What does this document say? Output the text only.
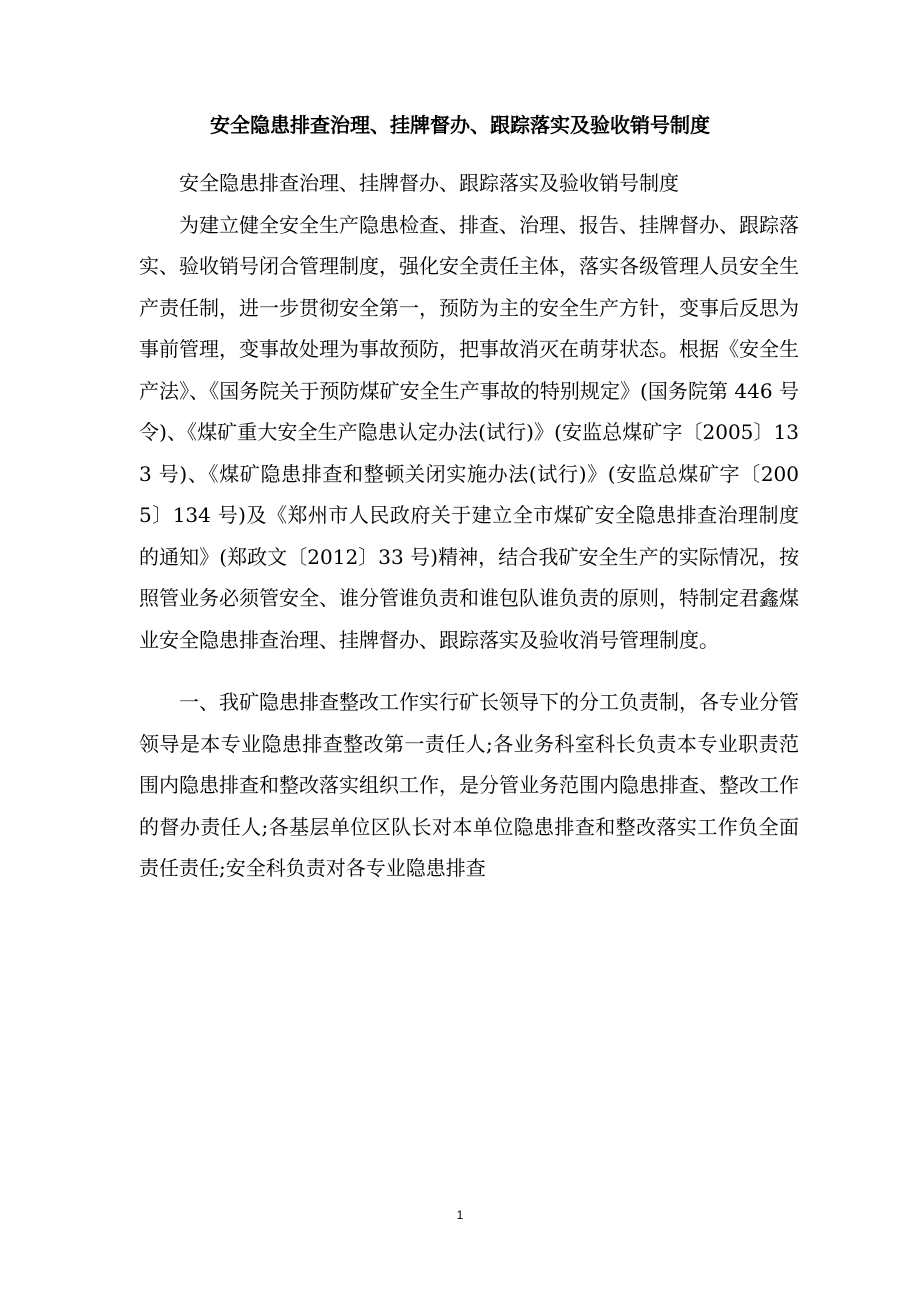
安全隐患排查治理、挂牌督办、跟踪落实及验收销号制度

安全隐患排查治理、挂牌督办、跟踪落实及验收销号制度

为建立健全安全生产隐患检查、排查、治理、报告、挂牌督办、跟踪落实、验收销号闭合管理制度，强化安全责任主体，落实各级管理人员安全生产责任制，进一步贯彻安全第一，预防为主的安全生产方针，变事后反思为事前管理，变事故处理为事故预防，把事故消灭在萌芽状态。根据《安全生产法》、《国务院关于预防煤矿安全生产事故的特别规定》(国务院第 446 号令)、《煤矿重大安全生产隐患认定办法(试行)》(安监总煤矿字〔2005〕133 号)、《煤矿隐患排查和整顿关闭实施办法(试行)》(安监总煤矿字〔2005〕134 号)及《郑州市人民政府关于建立全市煤矿安全隐患排查治理制度的通知》(郑政文〔2012〕33 号)精神，结合我矿安全生产的实际情况，按照管业务必须管安全、谁分管谁负责和谁包队谁负责的原则，特制定君鑫煤业安全隐患排查治理、挂牌督办、跟踪落实及验收消号管理制度。

一、我矿隐患排查整改工作实行矿长领导下的分工负责制，各专业分管领导是本专业隐患排查整改第一责任人;各业务科室科长负责本专业职责范围内隐患排查和整改落实组织工作，是分管业务范围内隐患排查、整改工作的督办责任人;各基层单位区队长对本单位隐患排查和整改落实工作负全面责任责任;安全科负责对各专业隐患排查

1
